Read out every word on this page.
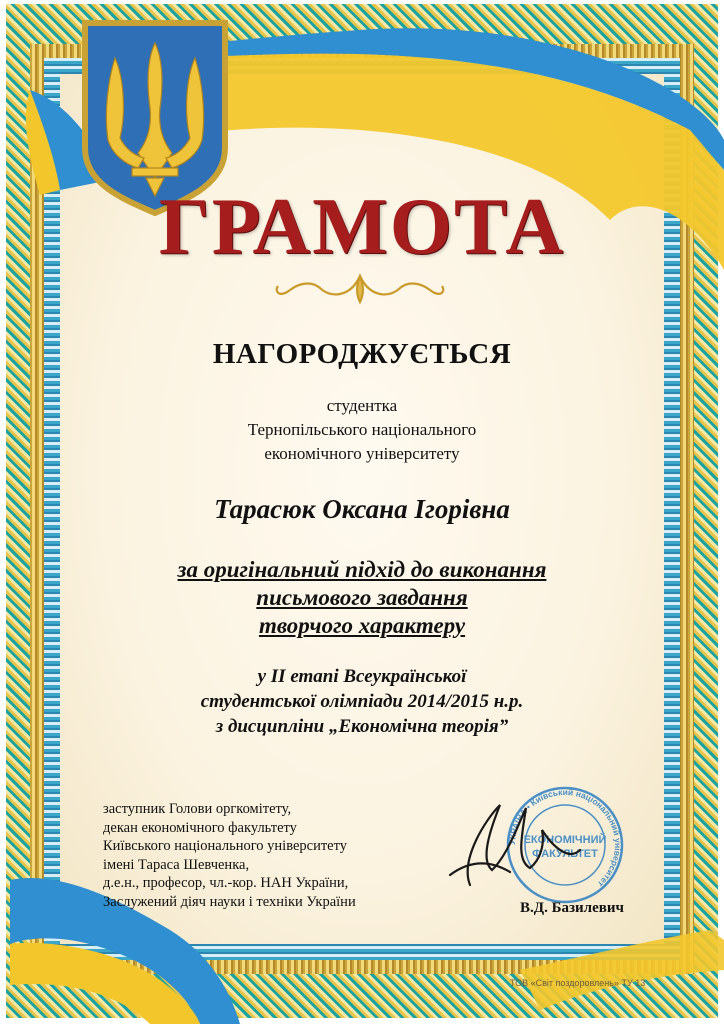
ГРАМОТА
НАГОРОДЖУЄТЬСЯ
студентка
Тернопільського національного
економічного університету
Тарасюк Оксана Ігорівна
за оригінальний підхід до виконання
письмового завдання
творчого характеру
у II етапі Всеукраїнської
студентської олімпіади 2014/2015 н.р.
з дисципліни „Економічна теорія”
заступник Голови оргкомітету,
декан економічного факультету
Київського національного університету
імені Тараса Шевченка,
д.е.н., професор, чл.-кор. НАН України,
Заслужений діяч науки і техніки України
УКРАЇНА • Київський національний університет
ЕКОНОМІЧНИЙ
ФАКУЛЬТЕТ
В.Д. Базилевич
ТОВ «Світ поздоровлень» ТУ 13
